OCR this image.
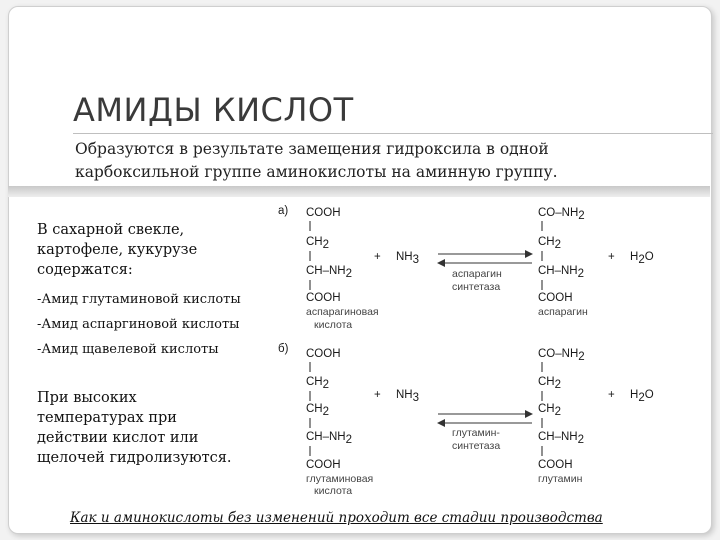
АМИДЫ КИСЛОТ
Образуются в результате замещения гидроксила в одной карбоксильной группе аминокислоты на аминную группу.
В сахарной свекле, картофеле, кукурузе содержатся:
-Амид глутаминовой кислоты
-Амид аспаргиновой кислоты
-Амид щавелевой кислоты
При высоких температурах при действии кислот или щелочей гидролизуются.
а) COOH
CH2
CH–NH2
COOH
аспарагиновая
кислота
+ NH3
аспарагин
синтетаза
CO–NH2
CH2
CH–NH2
COOH
аспарагин
+ H2O
б) COOH
CH2
CH2
CH–NH2
COOH
глутаминовая
кислота
+ NH3
глутамин-
синтетаза
CO–NH2
CH2
CH2
CH–NH2
COOH
глутамин
+ H2O
Как и аминокислоты без изменений проходит все стадии производства
